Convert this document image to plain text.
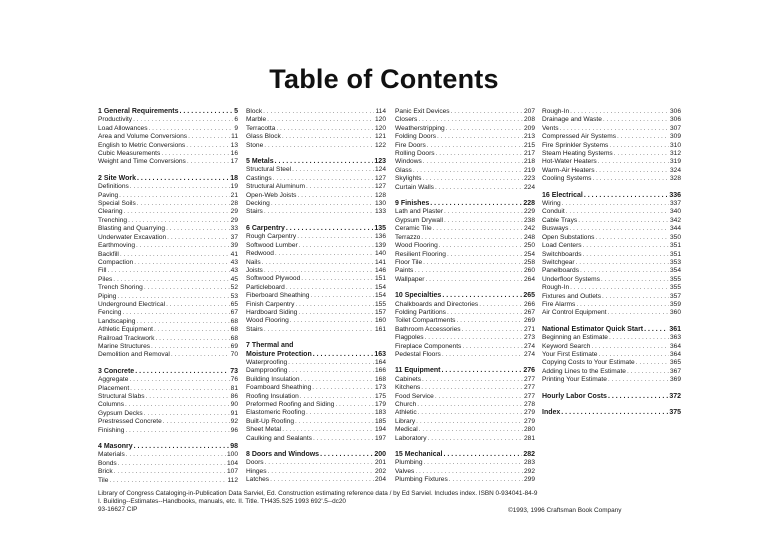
Table of Contents
1 General Requirements . . .	5
Productivity . . .	6
Load Allowances . . .	9
Area and Volume Conversions . . .	11
English to Metric Conversions . . .	13
Cubic Measurements . . .	16
Weight and Time Conversions . . .	17
2 Site Work . . .	18
Definitions . . .	19
Paving . . .	21
Special Soils . . .	28
Clearing . . .	29
Trenching . . .	29
Blasting and Quarrying . . .	33
Underwater Excavation . . .	37
Earthmoving . . .	39
Backfill . . .	41
Compaction . . .	43
Fill . . .	43
Piles . . .	45
Trench Shoring . . .	52
Piping . . .	53
Underground Electrical . . .	65
Fencing . . .	67
Landscaping . . .	68
Athletic Equipment . . .	68
Railroad Trackwork . . .	68
Marine Structures . . .	69
Demolition and Removal . . .	70
3 Concrete . . .	73
Aggregate . . .	76
Placement . . .	81
Structural Slabs . . .	86
Columns . . .	90
Gypsum Decks . . .	91
Prestressed Concrete . . .	92
Finishing . . .	96
4 Masonry . . .	98
Materials . . .	100
Bonds . . .	104
Brick . . .	107
Tile . . .	112
Block . . .	114
Marble . . .	120
Terracotta . . .	120
Glass Block . . .	121
Stone . . .	122
5 Metals . . .	123
Structural Steel . . .	124
Castings . . .	127
Structural Aluminum . . .	127
Open-Web Joists . . .	128
Decking . . .	130
Stairs . . .	133
6 Carpentry . . .	135
Rough Carpentry . . .	136
Softwood Lumber . . .	139
Redwood . . .	140
Nails . . .	141
Joists . . .	146
Softwood Plywood . . .	151
Particleboard . . .	154
Fiberboard Sheathing . . .	154
Finish Carpentry . . .	155
Hardboard Siding . . .	157
Wood Flooring . . .	160
Stairs . . .	161
7 Thermal and
Moisture Protection . . .	163
Waterproofing . . .	164
Dampproofing . . .	166
Building Insulation . . .	168
Foamboard Sheathing . . .	173
Roofing Insulation . . .	175
Preformed Roofing and Siding . . .	179
Elastomeric Roofing . . .	183
Built-Up Roofing . . .	185
Sheet Metal . . .	194
Caulking and Sealants . . .	197
8 Doors and Windows . . .	200
Doors . . .	201
Hinges . . .	202
Latches . . .	204
Panic Exit Devices . . .	207
Closers . . .	208
Weatherstripping . . .	209
Folding Doors . . .	213
Fire Doors . . .	215
Rolling Doors . . .	217
Windows . . .	218
Glass . . .	219
Skylights . . .	223
Curtain Walls . . .	224
9 Finishes . . .	228
Lath and Plaster . . .	229
Gypsum Drywall . . .	238
Ceramic Tile . . .	242
Terrazzo . . .	248
Wood Flooring . . .	250
Resilient Flooring . . .	254
Floor Tile . . .	258
Paints . . .	260
Wallpaper . . .	264
10 Specialties . . .	265
Chalkboards and Directories . . .	266
Folding Partitions . . .	267
Toilet Compartments . . .	269
Bathroom Accessories . . .	271
Flagpoles . . .	273
Fireplace Components . . .	274
Pedestal Floors . . .	274
11 Equipment . . .	276
Cabinets . . .	277
Kitchens . . .	277
Food Service . . .	277
Church . . .	278
Athletic . . .	279
Library . . .	279
Medical . . .	280
Laboratory . . .	281
15 Mechanical . . .	282
Plumbing . . .	283
Valves . . .	292
Plumbing Fixtures . . .	299
Rough-In . . .	306
Drainage and Waste . . .	306
Vents . . .	307
Compressed Air Systems . . .	309
Fire Sprinkler Systems . . .	310
Steam Heating Systems . . .	312
Hot-Water Heaters . . .	319
Warm-Air Heaters . . .	324
Cooling Systems . . .	328
16 Electrical . . .	336
Wiring . . .	337
Conduit . . .	340
Cable Trays . . .	342
Busways . . .	344
Open Substations . . .	350
Load Centers . . .	351
Switchboards . . .	351
Switchgear . . .	353
Panelboards . . .	354
Underfloor Systems . . .	355
Rough-In . . .	355
Fixtures and Outlets . . .	357
Fire Alarms . . .	359
Air Control Equipment . . .	360
National Estimator Quick Start . . .	361
Beginning an Estimate . . .	363
Keyword Search . . .	364
Your First Estimate . . .	364
Copying Costs to Your Estimate . . .	365
Adding Lines to the Estimate . . .	367
Printing Your Estimate . . .	369
Hourly Labor Costs . . .	372
Index . . .	375
Library of Congress Cataloging-in-Publication Data Sarviel, Ed. Construction estimating reference data / by Ed Sarviel. Includes index. ISBN 0-934041-84-9
I. Building--Estimates--Handbooks, manuals, etc. II. Title. TH435.S25 1993 692'.5--dc20
93-16627 CIP	©1993, 1996 Craftsman Book Company
